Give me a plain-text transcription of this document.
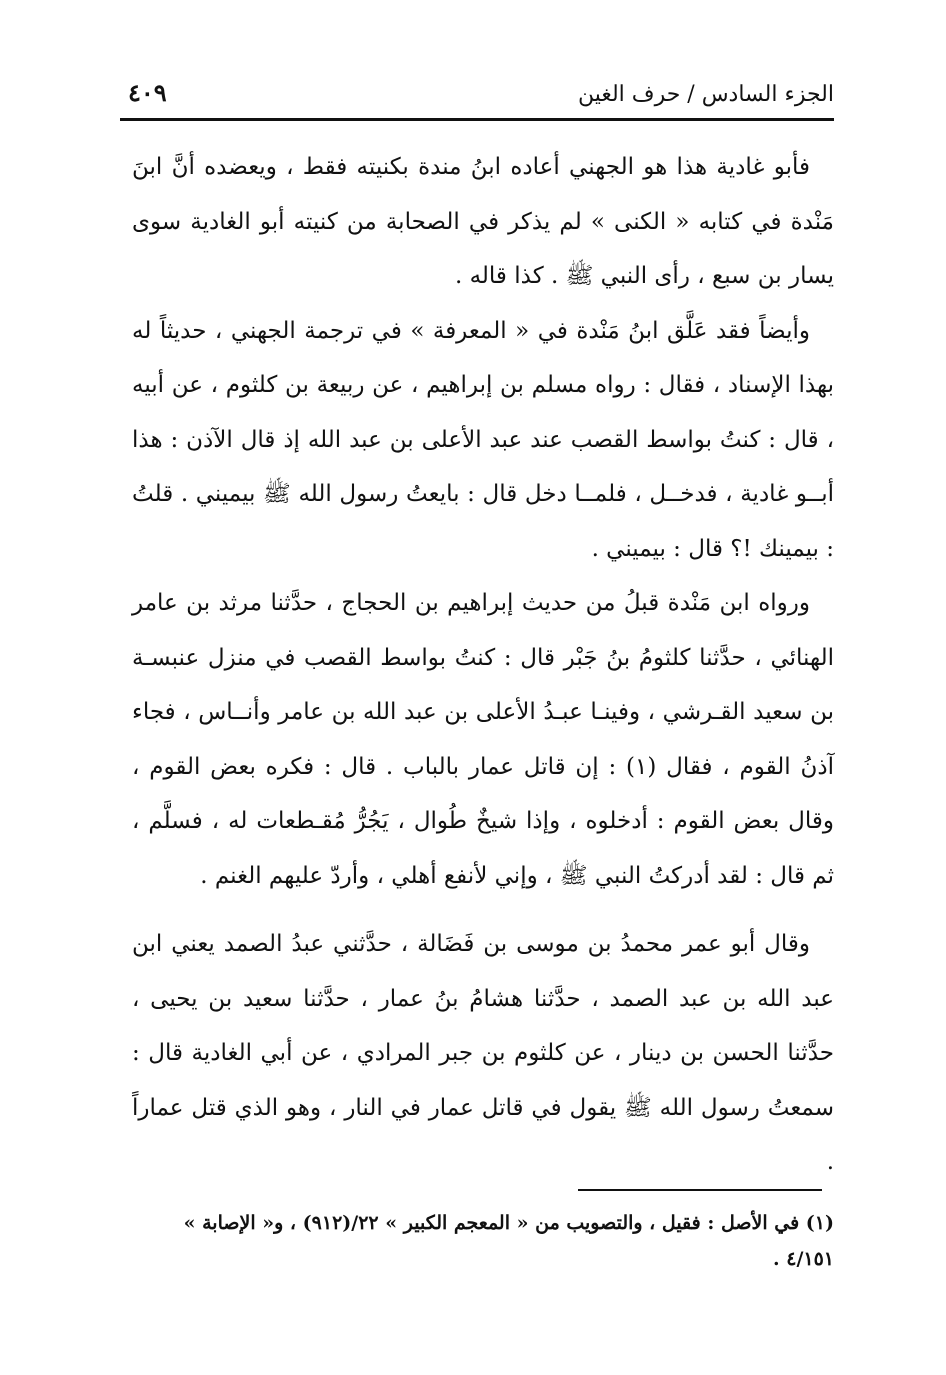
الجزء السادس / حرف الغين
٤٠٩

فأبو غادية هذا هو الجهني أعاده ابنُ مندة بكنيته فقط ، ويعضده أنَّ ابنَ مَنْدة في كتابه « الكنى » لم يذكر في الصحابة من كنيته أبو الغادية سوى يسار بن سبع ، رأى النبي ﷺ . كذا قاله .

وأيضاً فقد عَلَّق ابنُ مَنْدة في « المعرفة » في ترجمة الجهني ، حديثاً له بهذا الإسناد ، فقال : رواه مسلم بن إبراهيم ، عن ربيعة بن كلثوم ، عن أبيه ، قال : كنتُ بواسط القصب عند عبد الأعلى بن عبد الله إذ قال الآذن : هذا أبــو غادية ، فدخــل ، فلمــا دخل قال : بايعتُ رسول الله ﷺ بيميني . قلتُ : بيمينك !؟ قال : بيميني .

ورواه ابن مَنْدة قبلُ من حديث إبراهيم بن الحجاج ، حدَّثنا مرثد بن عامر الهنائي ، حدَّثنا كلثومُ بنُ جَبْر قال : كنتُ بواسط القصب في منزل عنبسـة بن سعيد القـرشي ، وفينـا عبـدُ الأعلى بن عبد الله بن عامر وأنــاس ، فجاء آذنُ القوم ، فقال (١) : إن قاتل عمار بالباب . قال : فكره بعض القوم ، وقال بعض القوم : أدخلوه ، وإذا شيخٌ طُوال ، يَجُرُّ مُقـطعات له ، فسلَّم ، ثم قال : لقد أدركتُ النبي ﷺ ، وإني لأنفع أهلي ، وأردّ عليهم الغنم .

وقال أبو عمر محمدُ بن موسى بن فَضَالة ، حدَّثني عبدُ الصمد يعني ابن عبد الله بن عبد الصمد ، حدَّثنا هشامُ بنُ عمار ، حدَّثنا سعيد بن يحيى ، حدَّثنا الحسن بن دينار ، عن كلثوم بن جبر المرادي ، عن أبي الغادية قال : سمعتُ رسول الله ﷺ يقول في قاتل عمار في النار ، وهو الذي قتل عماراً .

(١) في الأصل : فقيل ، والتصويب من « المعجم الكبير » ٢٢/(٩١٢) ، و« الإصابة » ٤/١٥١ .
